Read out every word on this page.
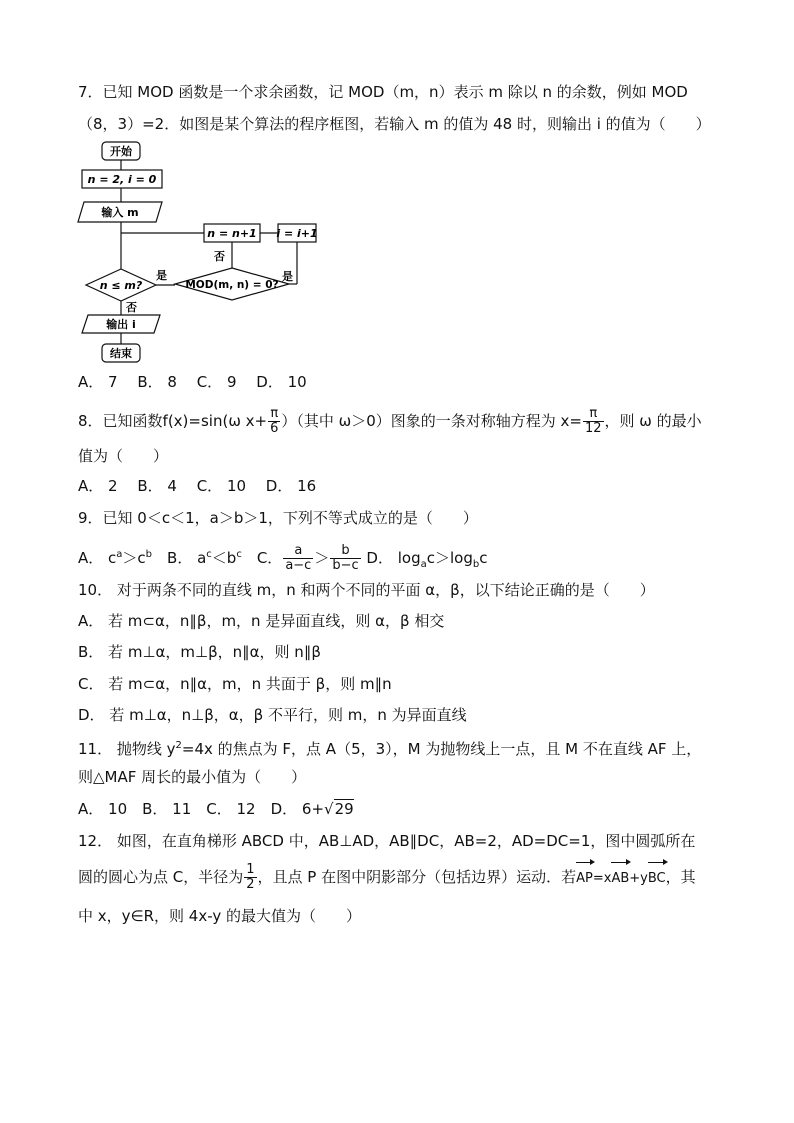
7．已知 MOD 函数是一个求余函数，记 MOD（m，n）表示 m 除以 n 的余数，例如 MOD
（8，3）=2．如图是某个算法的程序框图，若输入 m 的值为 48 时，则输出 i 的值为（　　）
开始
n = 2, i = 0
输入 m
n = n+1 i = i+1
否
是
n ≤ m?
是
MOD(m, n) = 0?
否
输出 i
结束
A． 7　 B． 8　 C． 9　 D． 10
8．已知函数f(x)=sin(ω $x+ \frac{\pi}{6}$ ）（其中 ω＞0）图象的一条对称轴方程为 $x= \frac{\pi}{12}$ ，则 ω 的最小
值为（　　）
A． 2　 B． 4　 C． 10　 D． 16
9．已知 0＜c＜1，a＞b＞1，下列不等式成立的是（　　）
A． $c^a>c^b$　B． $a^c<b^c$　C． $\frac{a}{a-c} > \frac{b}{b-c}$ D． $\log_ac>\log_bc$
10． 对于两条不同的直线 m，n 和两个不同的平面 α，β，以下结论正确的是（　　）
A． 若 m⊂α，n∥β，m，n 是异面直线，则 α，β 相交
B． 若 m⊥α，m⊥β，n∥α，则 n∥β
C． 若 m⊂α，n∥α，m，n 共面于 β，则 m∥n
D． 若 m⊥α，n⊥β，α，β 不平行，则 m，n 为异面直线
11． 抛物线 $y^2=4x$ 的焦点为 F，点 A（5，3），M 为抛物线上一点，且 M 不在直线 AF 上，
则△MAF 周长的最小值为（　　）
A． 10　B． 11　C． 12　D． 6+√29
12． 如图，在直角梯形 ABCD 中，AB⊥AD，AB∥DC，AB=2，AD=DC=1，图中圆弧所在
圆的圆心为点 C，半径为 $\frac{1}{2}$ ，且点 P 在图中阴影部分（包括边界）运动．若AP=xAB+yBC，其
中 x，y∈R，则 4x-y 的最大值为（　　）
